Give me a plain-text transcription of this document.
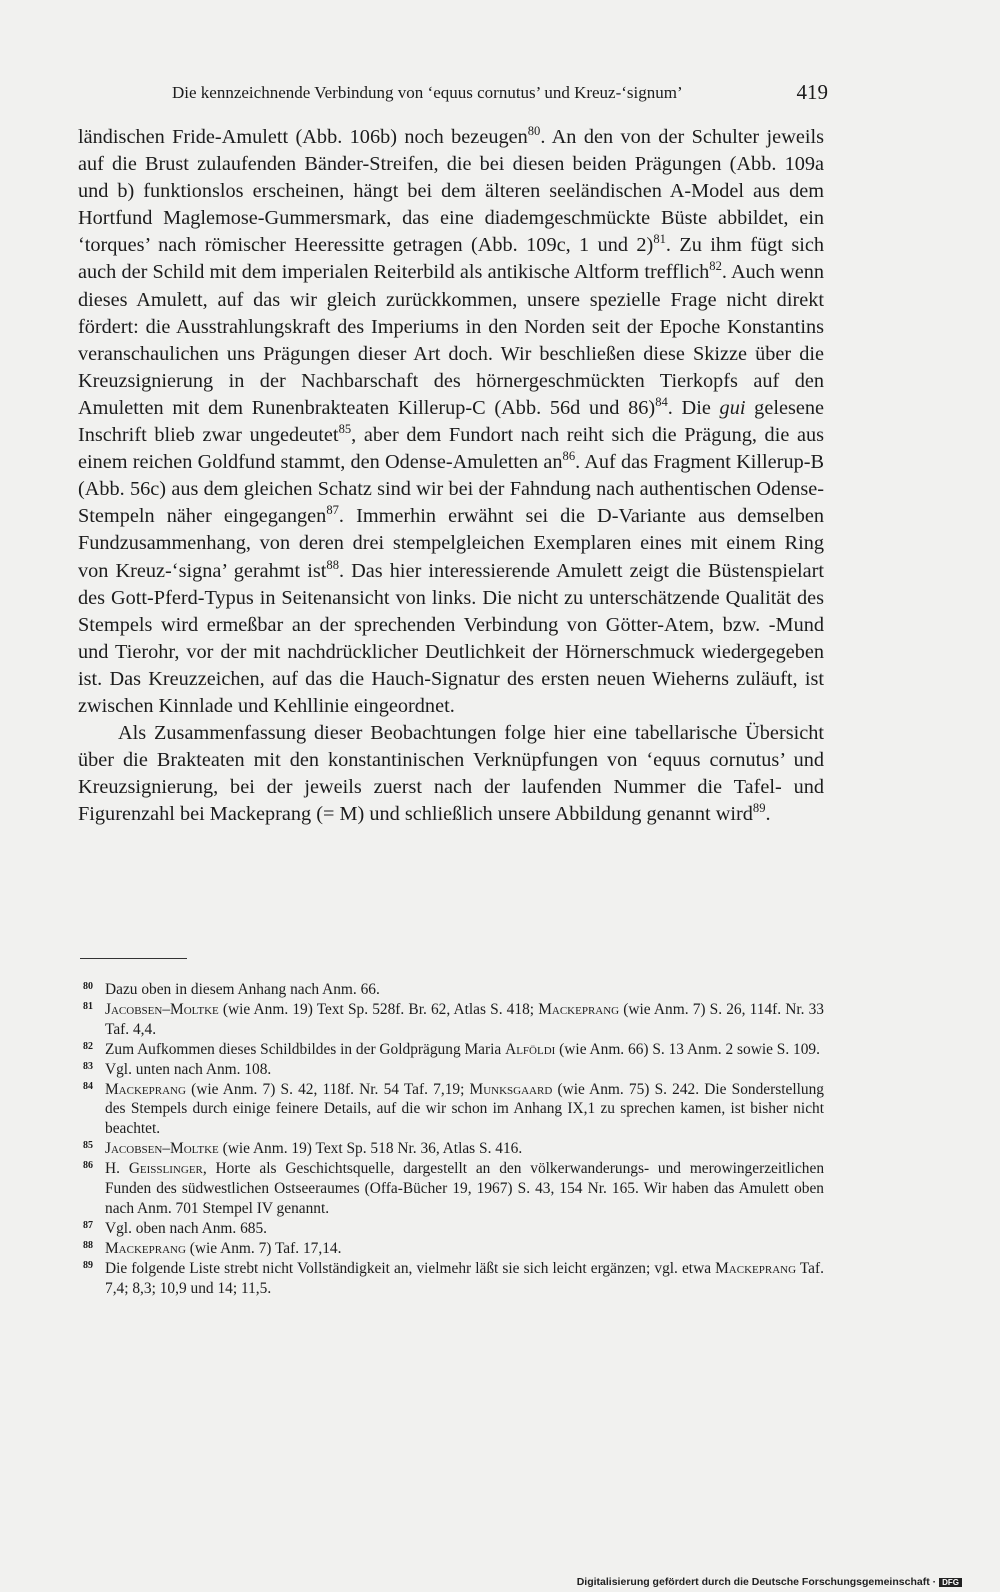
Die kennzeichnende Verbindung von ‘equus cornutus’ und Kreuz-‘signum’	419

ländischen Fride-Amulett (Abb. 106b) noch bezeugen$^{80}$. An den von der Schulter jeweils auf die Brust zulaufenden Bänder-Streifen, die bei diesen beiden Prägungen (Abb. 109a und b) funktionslos erscheinen, hängt bei dem älteren seeländischen A-Model aus dem Hortfund Maglemose-Gummersmark, das eine diademgeschmückte Büste abbildet, ein ‘torques’ nach römischer Heeressitte getragen (Abb. 109c, 1 und 2)$^{81}$. Zu ihm fügt sich auch der Schild mit dem imperialen Reiterbild als antikische Altform trefflich$^{82}$. Auch wenn dieses Amulett, auf das wir gleich zurückkommen, unsere spezielle Frage nicht direkt fördert: die Ausstrahlungskraft des Imperiums in den Norden seit der Epoche Konstantins veranschaulichen uns Prägungen dieser Art doch. Wir beschließen diese Skizze über die Kreuzsignierung in der Nachbarschaft des hörnergeschmückten Tierkopfs auf den Amuletten mit dem Runenbrakteaten Killerup-C (Abb. 56d und 86)$^{84}$. Die gui gelesene Inschrift blieb zwar ungedeutet$^{85}$, aber dem Fundort nach reiht sich die Prägung, die aus einem reichen Goldfund stammt, den Odense-Amuletten $an^{86}$. Auf das Fragment Killerup-B (Abb. 56c) aus dem gleichen Schatz sind wir bei der Fahndung nach authentischen Odense-Stempeln näher eingegangen$^{87}$. Immerhin erwähnt sei die D-Variante aus demselben Fundzusammenhang, von deren drei stempelgleichen Exemplaren eines mit einem Ring von Kreuz-‘signa’ gerahmt ist$^{88}$. Das hier interessierende Amulett zeigt die Büstenspielart des Gott-Pferd-Typus in Seitenansicht von links. Die nicht zu unterschätzende Qualität des Stempels wird ermeßbar an der sprechenden Verbindung von Götter-Atem, bzw. -Mund und Tierohr, vor der mit nachdrücklicher Deutlichkeit der Hörnerschmuck wiedergegeben ist. Das Kreuzzeichen, auf das die Hauch-Signatur des ersten neuen Wieherns zuläuft, ist zwischen Kinnlade und Kehllinie eingeordnet.

Als Zusammenfassung dieser Beobachtungen folge hier eine tabellarische Übersicht über die Brakteaten mit den konstantinischen Verknüpfungen von ‘equus cornutus’ und Kreuzsignierung, bei der jeweils zuerst nach der laufenden Nummer die Tafel- und Figurenzahl bei Mackeprang (= M) und schließlich unsere Abbildung genannt wird$^{89}$.

80 Dazu oben in diesem Anhang nach Anm. 66.

81 Jacobsen–Moltke (wie Anm. 19) Text Sp. 528f. Br. 62, Atlas S. 418; Mackeprang (wie Anm. 7) S. 26, 114f. Nr. 33 Taf. 4,4.

82 Zum Aufkommen dieses Schildbildes in der Goldprägung Maria Alföldi (wie Anm. 66) S. 13 Anm. 2 sowie S. 109.

83 Vgl. unten nach Anm. 108.

84 Mackeprang (wie Anm. 7) S. 42, 118f. Nr. 54 Taf. 7,19; Munksgaard (wie Anm. 75) S. 242. Die Sonderstellung des Stempels durch einige feinere Details, auf die wir schon im Anhang IX,1 zu sprechen kamen, ist bisher nicht beachtet.

85 Jacobsen–Moltke (wie Anm. 19) Text Sp. 518 Nr. 36, Atlas S. 416.

86 H. Geisslinger, Horte als Geschichtsquelle, dargestellt an den völkerwanderungs- und merowingerzeitlichen Funden des südwestlichen Ostseeraumes (Offa-Bücher 19, 1967) S. 43, 154 Nr. 165. Wir haben das Amulett oben nach Anm. 701 Stempel IV genannt.

87 Vgl. oben nach Anm. 685.

88 Mackeprang (wie Anm. 7) Taf. 17,14.

89 Die folgende Liste strebt nicht Vollständigkeit an, vielmehr läßt sie sich leicht ergänzen; vgl. etwa Mackeprang Taf. 7,4; 8,3; 10,9 und 14; 11,5.

Digitalisierung gefördert durch die Deutsche Forschungsgemeinschaft · DFG
